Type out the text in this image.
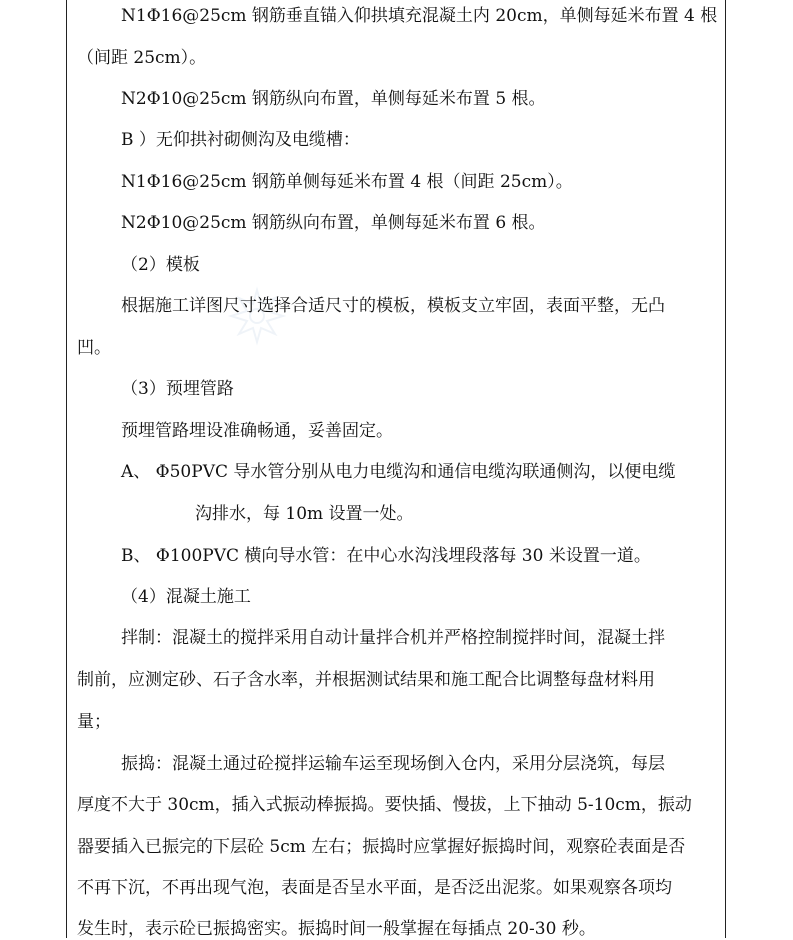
N1Φ16@25cm 钢筋垂直锚入仰拱填充混凝土内 20cm，单侧每延米布置 4 根
（间距 25cm）。
N2Φ10@25cm 钢筋纵向布置，单侧每延米布置 5 根。
B ）无仰拱衬砌侧沟及电缆槽：
N1Φ16@25cm 钢筋单侧每延米布置 4 根（间距 25cm）。
N2Φ10@25cm 钢筋纵向布置，单侧每延米布置 6 根。
（2）模板
根据施工详图尺寸选择合适尺寸的模板，模板支立牢固，表面平整，无凸
凹。
（3）预埋管路
预埋管路埋设准确畅通，妥善固定。
A、 Φ50PVC 导水管分别从电力电缆沟和通信电缆沟联通侧沟，以便电缆
沟排水，每 10m 设置一处。
B、 Φ100PVC 横向导水管：在中心水沟浅埋段落每 30 米设置一道。
（4）混凝土施工
拌制：混凝土的搅拌采用自动计量拌合机并严格控制搅拌时间，混凝土拌
制前，应测定砂、石子含水率，并根据测试结果和施工配合比调整每盘材料用
量；
振捣：混凝土通过砼搅拌运输车运至现场倒入仓内，采用分层浇筑，每层
厚度不大于 30cm，插入式振动棒振捣。要快插、慢拔，上下抽动 5-10cm，振动
器要插入已振完的下层砼 5cm 左右；振捣时应掌握好振捣时间，观察砼表面是否
不再下沉，不再出现气泡，表面是否呈水平面，是否泛出泥浆。如果观察各项均
发生时，表示砼已振捣密实。振捣时间一般掌握在每插点 20-30 秒。
